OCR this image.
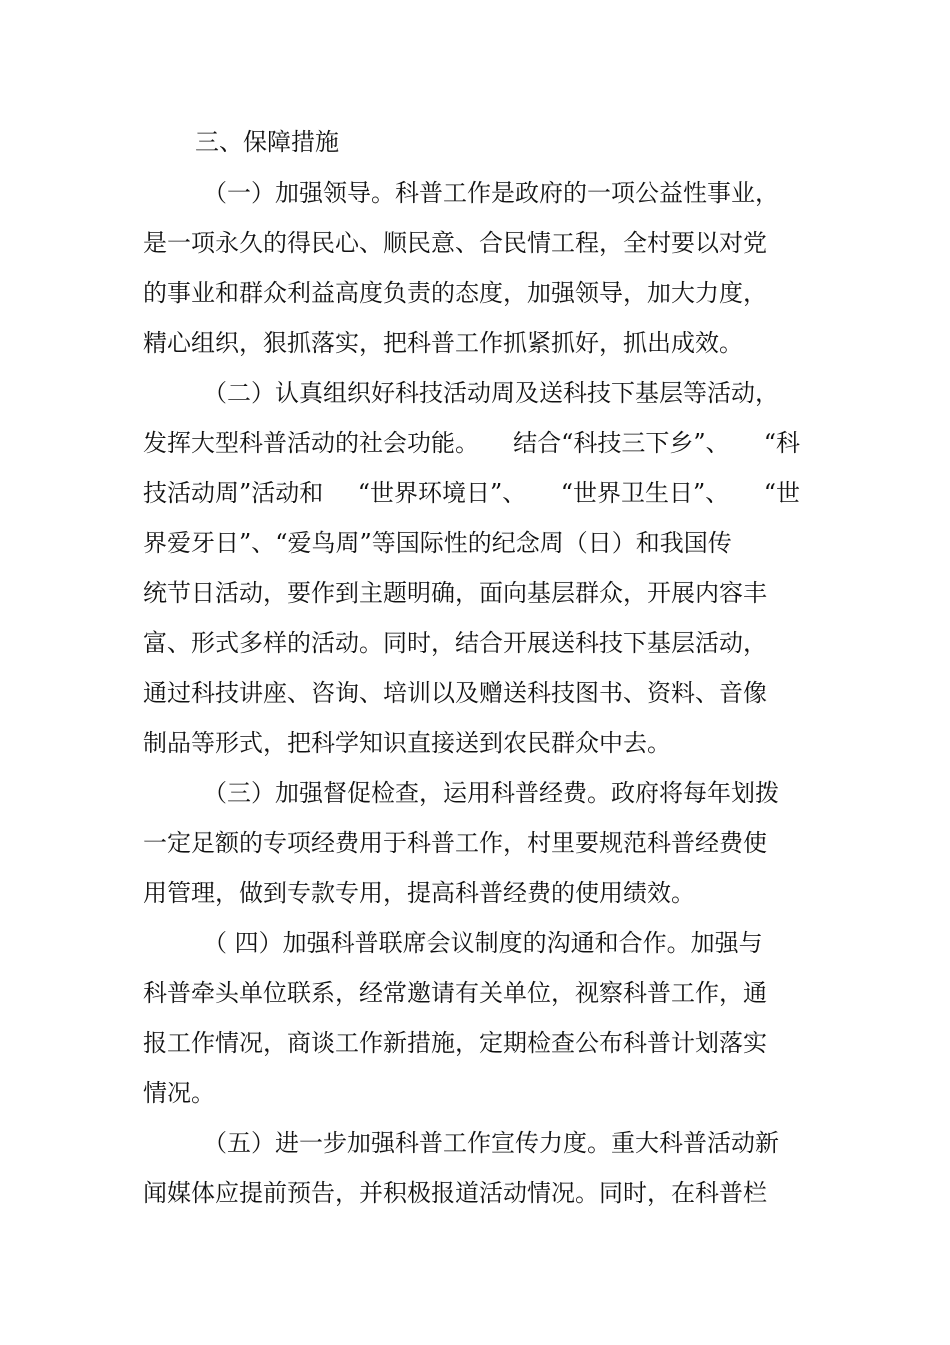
三、保障措施
（一）加强领导。科普工作是政府的一项公益性事业，
是一项永久的得民心、顺民意、合民情工程，全村要以对党
的事业和群众利益高度负责的态度，加强领导，加大力度，
精心组织，狠抓落实，把科普工作抓紧抓好，抓出成效。
（二）认真组织好科技活动周及送科技下基层等活动，
发挥大型科普活动的社会功能。 结合“科技三下乡”、 “科
技活动周”活动和 “世界环境日”、 “世界卫生日”、 “世
界爱牙日”、“爱鸟周”等国际性的纪念周（日）和我国传
统节日活动，要作到主题明确，面向基层群众，开展内容丰
富、形式多样的活动。同时，结合开展送科技下基层活动，
通过科技讲座、咨询、培训以及赠送科技图书、资料、音像
制品等形式，把科学知识直接送到农民群众中去。
（三）加强督促检查，运用科普经费。政府将每年划拨
一定足额的专项经费用于科普工作，村里要规范科普经费使
用管理，做到专款专用，提高科普经费的使用绩效。
（ 四）加强科普联席会议制度的沟通和合作。加强与
科普牵头单位联系，经常邀请有关单位，视察科普工作，通
报工作情况，商谈工作新措施，定期检查公布科普计划落实
情况。
（五）进一步加强科普工作宣传力度。重大科普活动新
闻媒体应提前预告，并积极报道活动情况。同时，在科普栏
